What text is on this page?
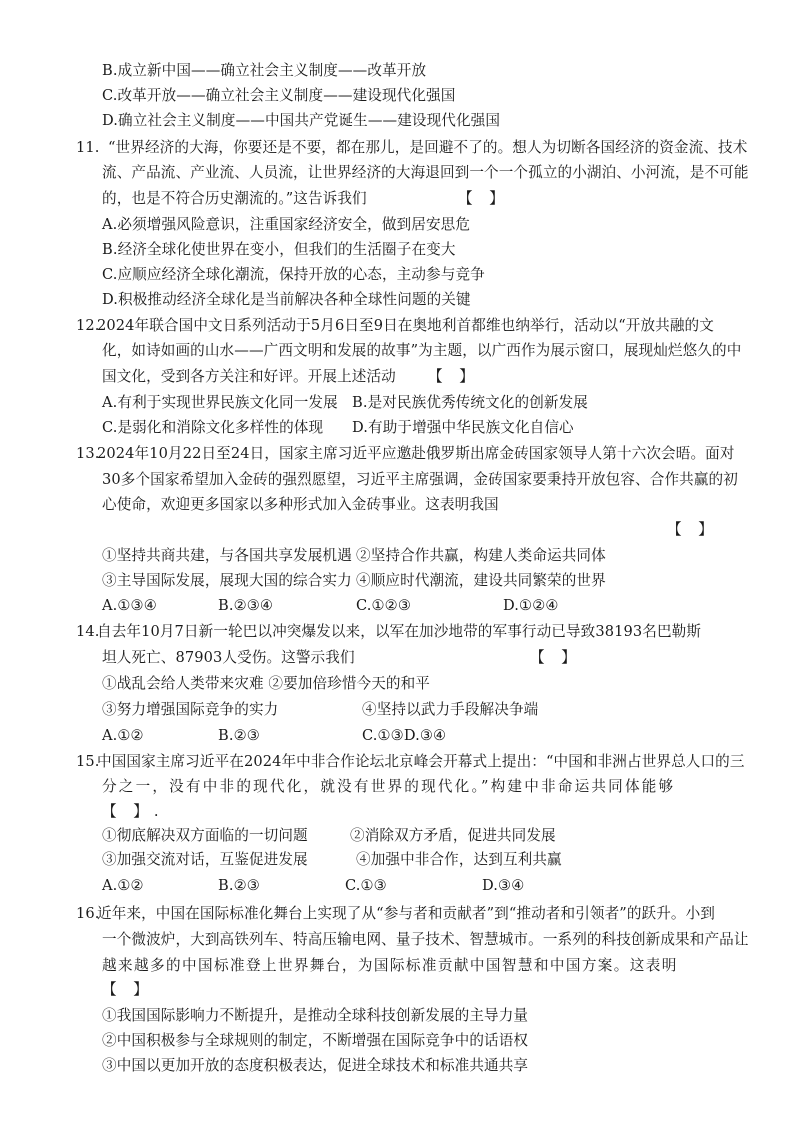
B.成立新中国——确立社会主义制度——改革开放
C.改革开放——确立社会主义制度——建设现代化强国
D.确立社会主义制度——中国共产党诞生——建设现代化强国
11. “世界经济的大海，你要还是不要，都在那儿，是回避不了的。想人为切断各国经济的资金流、技术
流、产品流、产业流、人员流，让世界经济的大海退回到一个一个孤立的小湖泊、小河流，是不可能
的，也是不符合历史潮流的。”这告诉我们	【 】
A.必须增强风险意识，注重国家经济安全，做到居安思危
B.经济全球化使世界在变小，但我们的生活圈子在变大
C.应顺应经济全球化潮流，保持开放的心态，主动参与竞争
D.积极推动经济全球化是当前解决各种全球性问题的关键
12.
2024年联合国中文日系列活动于5月6日至9日在奥地利首都维也纳举行，活动以“开放共融的文
化，如诗如画的山水——广西文明和发展的故事”为主题，以广西作为展示窗口，展现灿烂悠久的中
国文化，受到各方关注和好评。开展上述活动 【 】
A.有利于实现世界民族文化同一发展 B.是对民族优秀传统文化的创新发展
C.是弱化和消除文化多样性的体现 D.有助于增强中华民族文化自信心
13.
2024年10月22日至24日，国家主席习近平应邀赴俄罗斯出席金砖国家领导人第十六次会晤。面对
30多个国家希望加入金砖的强烈愿望，习近平主席强调，金砖国家要秉持开放包容、合作共赢的初
心使命，欢迎更多国家以多种形式加入金砖事业。这表明我国
【 】
①坚持共商共建，与各国共享发展机遇 ②坚持合作共赢，构建人类命运共同体
③主导国际发展，展现大国的综合实力 ④顺应时代潮流，建设共同繁荣的世界
A.①③④	B.②③④	C.①②③	D.①②④
14.
自去年10月7日新一轮巴以冲突爆发以来，以军在加沙地带的军事行动已导致38193名巴勒斯
坦人死亡、87903人受伤。这警示我们	【 】
①战乱会给人类带来灾难 ②要加倍珍惜今天的和平
③努力增强国际竞争的实力	④坚持以武力手段解决争端
A.①②	B.②③	C.①③D.③④
15.
中国国家主席习近平在2024年中非合作论坛北京峰会开幕式上提出：“中国和非洲占世界总人口的三
分之一，没有中非的现代化，就没有世界的现代化。”构建中非命运共同体能够
【 】.
①彻底解决双方面临的一切问题	②消除双方矛盾，促进共同发展
③加强交流对话，互鉴促进发展	④加强中非合作，达到互利共赢
A.①②	B.②③	C.①③	D.③④
16.
近年来，中国在国际标准化舞台上实现了从“参与者和贡献者”到“推动者和引领者”的跃升。小到
一个微波炉，大到高铁列车、特高压输电网、量子技术、智慧城市。一系列的科技创新成果和产品让
越来越多的中国标准登上世界舞台，为国际标准贡献中国智慧和中国方案。这表明
【 】
①我国国际影响力不断提升，是推动全球科技创新发展的主导力量
②中国积极参与全球规则的制定，不断增强在国际竞争中的话语权
③中国以更加开放的态度积极表达，促进全球技术和标准共通共享
